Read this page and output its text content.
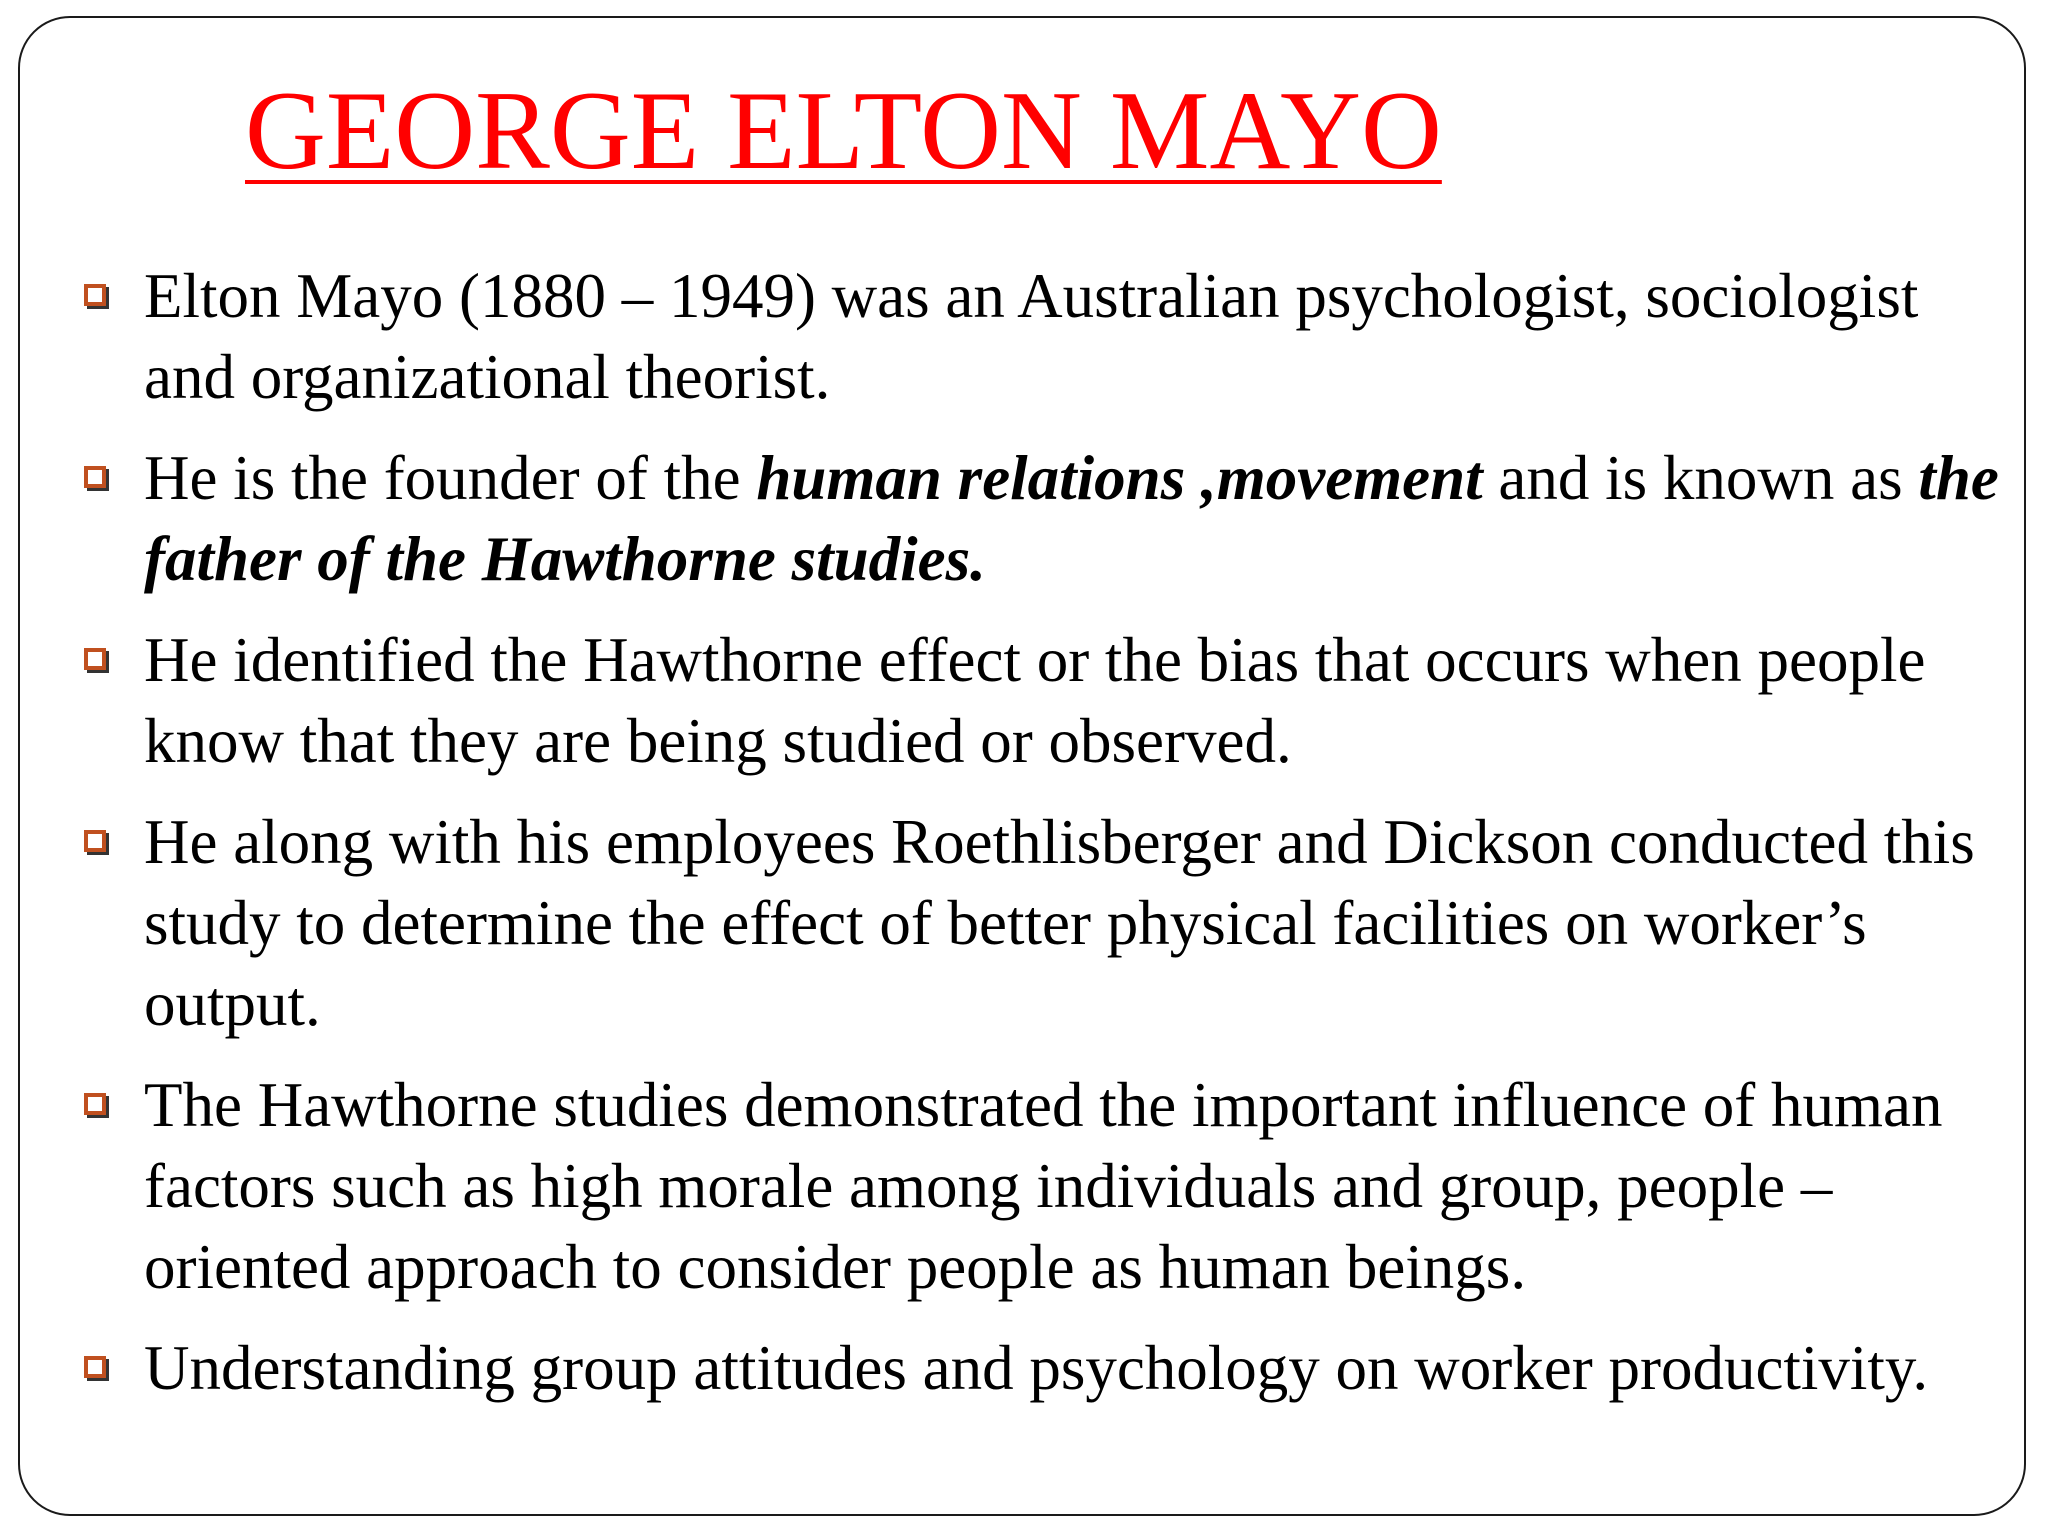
GEORGE ELTON MAYO
Elton Mayo (1880 – 1949) was an Australian psychologist, sociologist and organizational theorist.
He is the founder of the human relations ,movement and is known as the father of the Hawthorne studies.
He identified the Hawthorne effect or the bias that occurs when people know that they are being studied or observed.
He along with his employees Roethlisberger and Dickson conducted this study to determine the effect of better physical facilities on worker’s output.
The Hawthorne studies demonstrated the important influence of human factors such as high morale among individuals and group, people – oriented approach to consider people as human beings.
Understanding group attitudes and psychology on worker productivity.
